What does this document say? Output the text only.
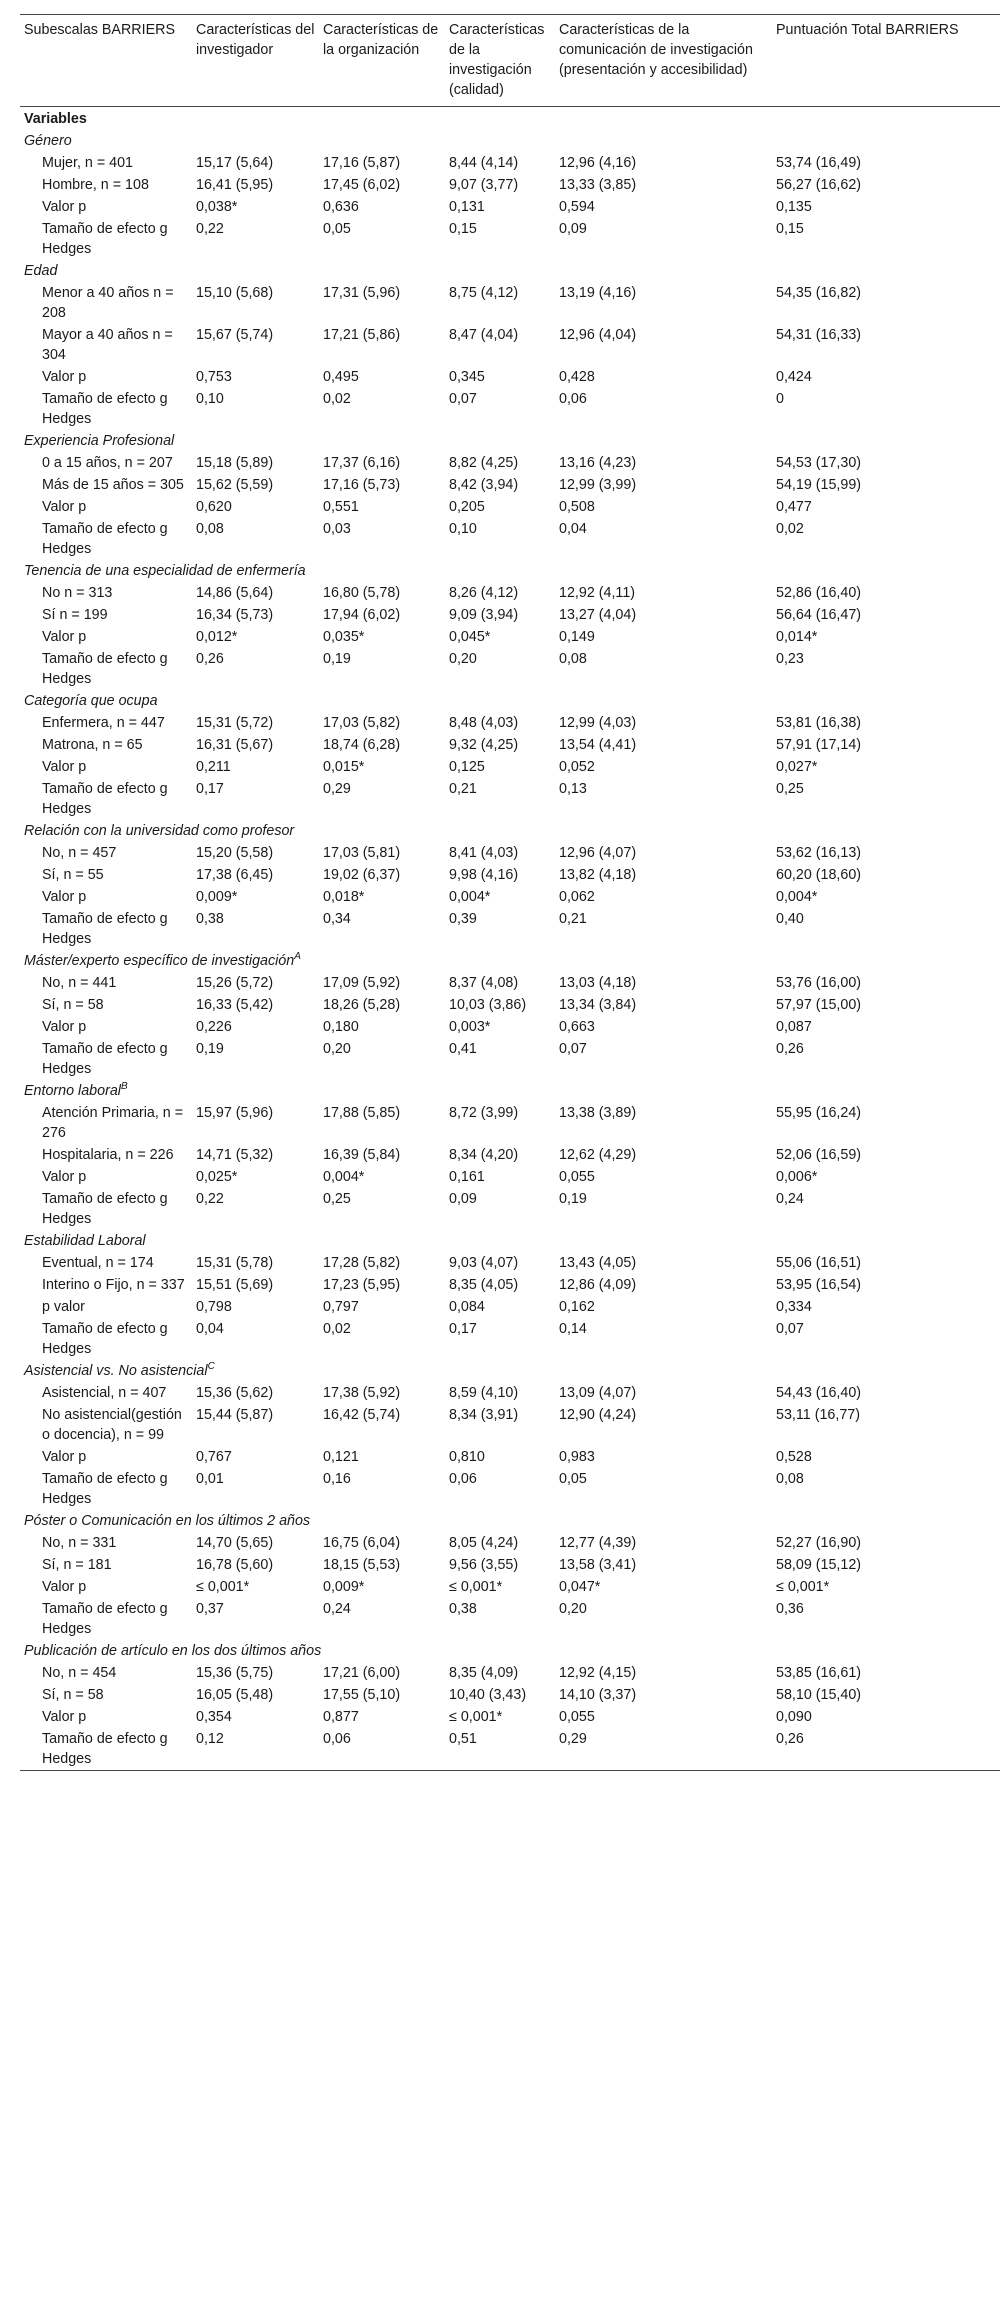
Subescalas BARRIERS	Características del investigador	Características de la organización	Características de la investigación (calidad)	Características de la comunicación de investigación (presentación y accesibilidad)	Puntuación Total BARRIERS
Variables					
Género					
Mujer, n = 401	15,17 (5,64)	17,16 (5,87)	8,44 (4,14)	12,96 (4,16)	53,74 (16,49)
Hombre, n = 108	16,41 (5,95)	17,45 (6,02)	9,07 (3,77)	13,33 (3,85)	56,27 (16,62)
Valor p	0,038*	0,636	0,131	0,594	0,135
Tamaño de efecto g Hedges	0,22	0,05	0,15	0,09	0,15
Edad					
Menor a 40 años n = 208	15,10 (5,68)	17,31 (5,96)	8,75 (4,12)	13,19 (4,16)	54,35 (16,82)
Mayor a 40 años n = 304	15,67 (5,74)	17,21 (5,86)	8,47 (4,04)	12,96 (4,04)	54,31 (16,33)
Valor p	0,753	0,495	0,345	0,428	0,424
Tamaño de efecto g Hedges	0,10	0,02	0,07	0,06	0
Experiencia Profesional					
0 a 15 años, n = 207	15,18 (5,89)	17,37 (6,16)	8,82 (4,25)	13,16 (4,23)	54,53 (17,30)
Más de 15 años = 305	15,62 (5,59)	17,16 (5,73)	8,42 (3,94)	12,99 (3,99)	54,19 (15,99)
Valor p	0,620	0,551	0,205	0,508	0,477
Tamaño de efecto g Hedges	0,08	0,03	0,10	0,04	0,02
Tenencia de una especialidad de enfermería					
No n = 313	14,86 (5,64)	16,80 (5,78)	8,26 (4,12)	12,92 (4,11)	52,86 (16,40)
Sí n = 199	16,34 (5,73)	17,94 (6,02)	9,09 (3,94)	13,27 (4,04)	56,64 (16,47)
Valor p	0,012*	0,035*	0,045*	0,149	0,014*
Tamaño de efecto g Hedges	0,26	0,19	0,20	0,08	0,23
Categoría que ocupa					
Enfermera, n = 447	15,31 (5,72)	17,03 (5,82)	8,48 (4,03)	12,99 (4,03)	53,81 (16,38)
Matrona, n = 65	16,31 (5,67)	18,74 (6,28)	9,32 (4,25)	13,54 (4,41)	57,91 (17,14)
Valor p	0,211	0,015*	0,125	0,052	0,027*
Tamaño de efecto g Hedges	0,17	0,29	0,21	0,13	0,25
Relación con la universidad como profesor					
No, n = 457	15,20 (5,58)	17,03 (5,81)	8,41 (4,03)	12,96 (4,07)	53,62 (16,13)
Sí, n = 55	17,38 (6,45)	19,02 (6,37)	9,98 (4,16)	13,82 (4,18)	60,20 (18,60)
Valor p	0,009*	0,018*	0,004*	0,062	0,004*
Tamaño de efecto g Hedges	0,38	0,34	0,39	0,21	0,40
Máster/experto específico de investigación$^A$
No, n = 441	15,26 (5,72)	17,09 (5,92)	8,37 (4,08)	13,03 (4,18)	53,76 (16,00)
Sí, n = 58	16,33 (5,42)	18,26 (5,28)	10,03 (3,86)	13,34 (3,84)	57,97 (15,00)
Valor p	0,226	0,180	0,003*	0,663	0,087
Tamaño de efecto g Hedges	0,19	0,20	0,41	0,07	0,26
Entorno laboral$^B$
Atención Primaria, n = 276	15,97 (5,96)	17,88 (5,85)	8,72 (3,99)	13,38 (3,89)	55,95 (16,24)
Hospitalaria, n = 226	14,71 (5,32)	16,39 (5,84)	8,34 (4,20)	12,62 (4,29)	52,06 (16,59)
Valor p	0,025*	0,004*	0,161	0,055	0,006*
Tamaño de efecto g Hedges	0,22	0,25	0,09	0,19	0,24
Estabilidad Laboral					
Eventual, n = 174	15,31 (5,78)	17,28 (5,82)	9,03 (4,07)	13,43 (4,05)	55,06 (16,51)
Interino o Fijo, n = 337	15,51 (5,69)	17,23 (5,95)	8,35 (4,05)	12,86 (4,09)	53,95 (16,54)
p valor	0,798	0,797	0,084	0,162	0,334
Tamaño de efecto g Hedges	0,04	0,02	0,17	0,14	0,07
Asistencial vs. No asistencial$^C$
Asistencial, n = 407	15,36 (5,62)	17,38 (5,92)	8,59 (4,10)	13,09 (4,07)	54,43 (16,40)
No asistencial(gestión o docencia), n = 99	15,44 (5,87)	16,42 (5,74)	8,34 (3,91)	12,90 (4,24)	53,11 (16,77)
Valor p	0,767	0,121	0,810	0,983	0,528
Tamaño de efecto g Hedges	0,01	0,16	0,06	0,05	0,08
Póster o Comunicación en los últimos 2 años					
No, n = 331	14,70 (5,65)	16,75 (6,04)	8,05 (4,24)	12,77 (4,39)	52,27 (16,90)
Sí, n = 181	16,78 (5,60)	18,15 (5,53)	9,56 (3,55)	13,58 (3,41)	58,09 (15,12)
Valor p	≤ 0,001*	0,009*	≤ 0,001*	0,047*	≤ 0,001*
Tamaño de efecto g Hedges	0,37	0,24	0,38	0,20	0,36
Publicación de artículo en los dos últimos años					
No, n = 454	15,36 (5,75)	17,21 (6,00)	8,35 (4,09)	12,92 (4,15)	53,85 (16,61)
Sí, n = 58	16,05 (5,48)	17,55 (5,10)	10,40 (3,43)	14,10 (3,37)	58,10 (15,40)
Valor p	0,354	0,877	≤ 0,001*	0,055	0,090
Tamaño de efecto g Hedges	0,12	0,06	0,51	0,29	0,26
